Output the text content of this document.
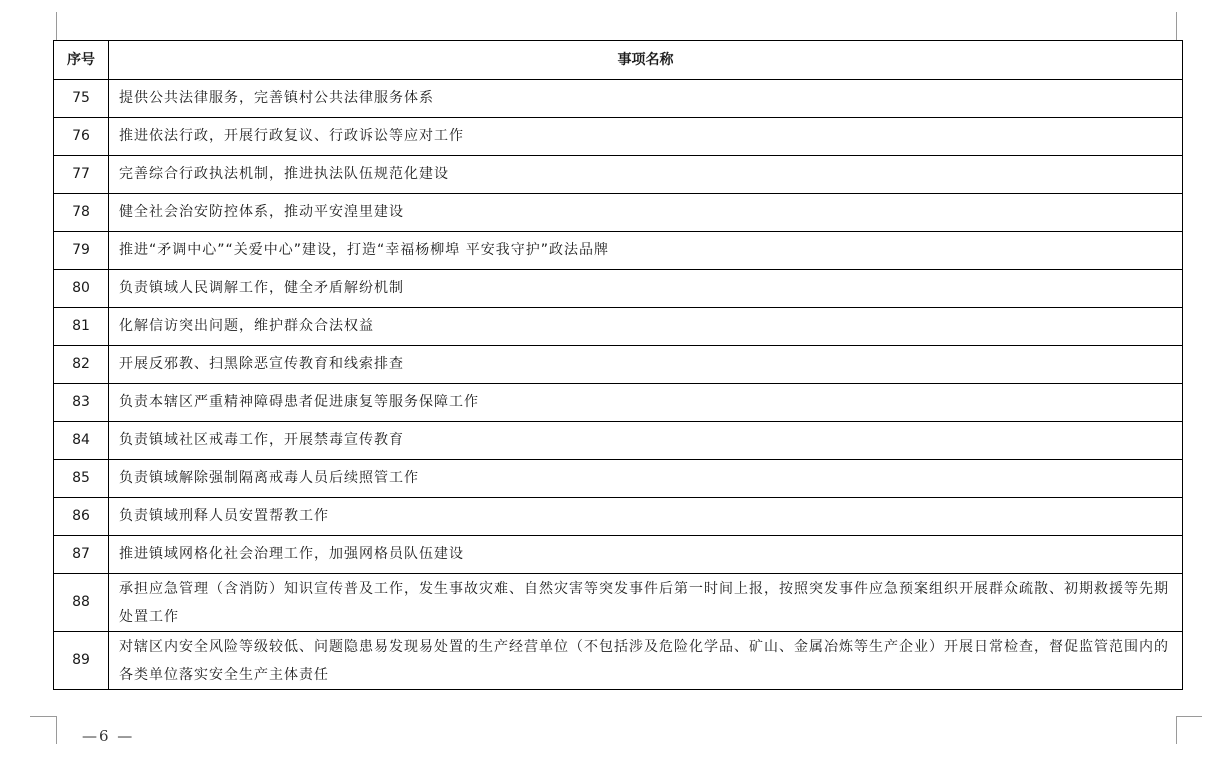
序号	事项名称
75	提供公共法律服务，完善镇村公共法律服务体系
76	推进依法行政，开展行政复议、行政诉讼等应对工作
77	完善综合行政执法机制，推进执法队伍规范化建设
78	健全社会治安防控体系，推动平安湟里建设
79	推进“矛调中心”“关爱中心”建设，打造“幸福杨柳埠 平安我守护”政法品牌
80	负责镇域人民调解工作，健全矛盾解纷机制
81	化解信访突出问题，维护群众合法权益
82	开展反邪教、扫黑除恶宣传教育和线索排查
83	负责本辖区严重精神障碍患者促进康复等服务保障工作
84	负责镇域社区戒毒工作，开展禁毒宣传教育
85	负责镇域解除强制隔离戒毒人员后续照管工作
86	负责镇域刑释人员安置帮教工作
87	推进镇域网格化社会治理工作，加强网格员队伍建设
88	承担应急管理（含消防）知识宣传普及工作，发生事故灾难、自然灾害等突发事件后第一时间上报，按照突发事件应急预案组织开展群众疏散、初期救援等先期处置工作
89	对辖区内安全风险等级较低、问题隐患易发现易处置的生产经营单位（不包括涉及危险化学品、矿山、金属冶炼等生产企业）开展日常检查，督促监管范围内的各类单位落实安全生产主体责任
—6 —
